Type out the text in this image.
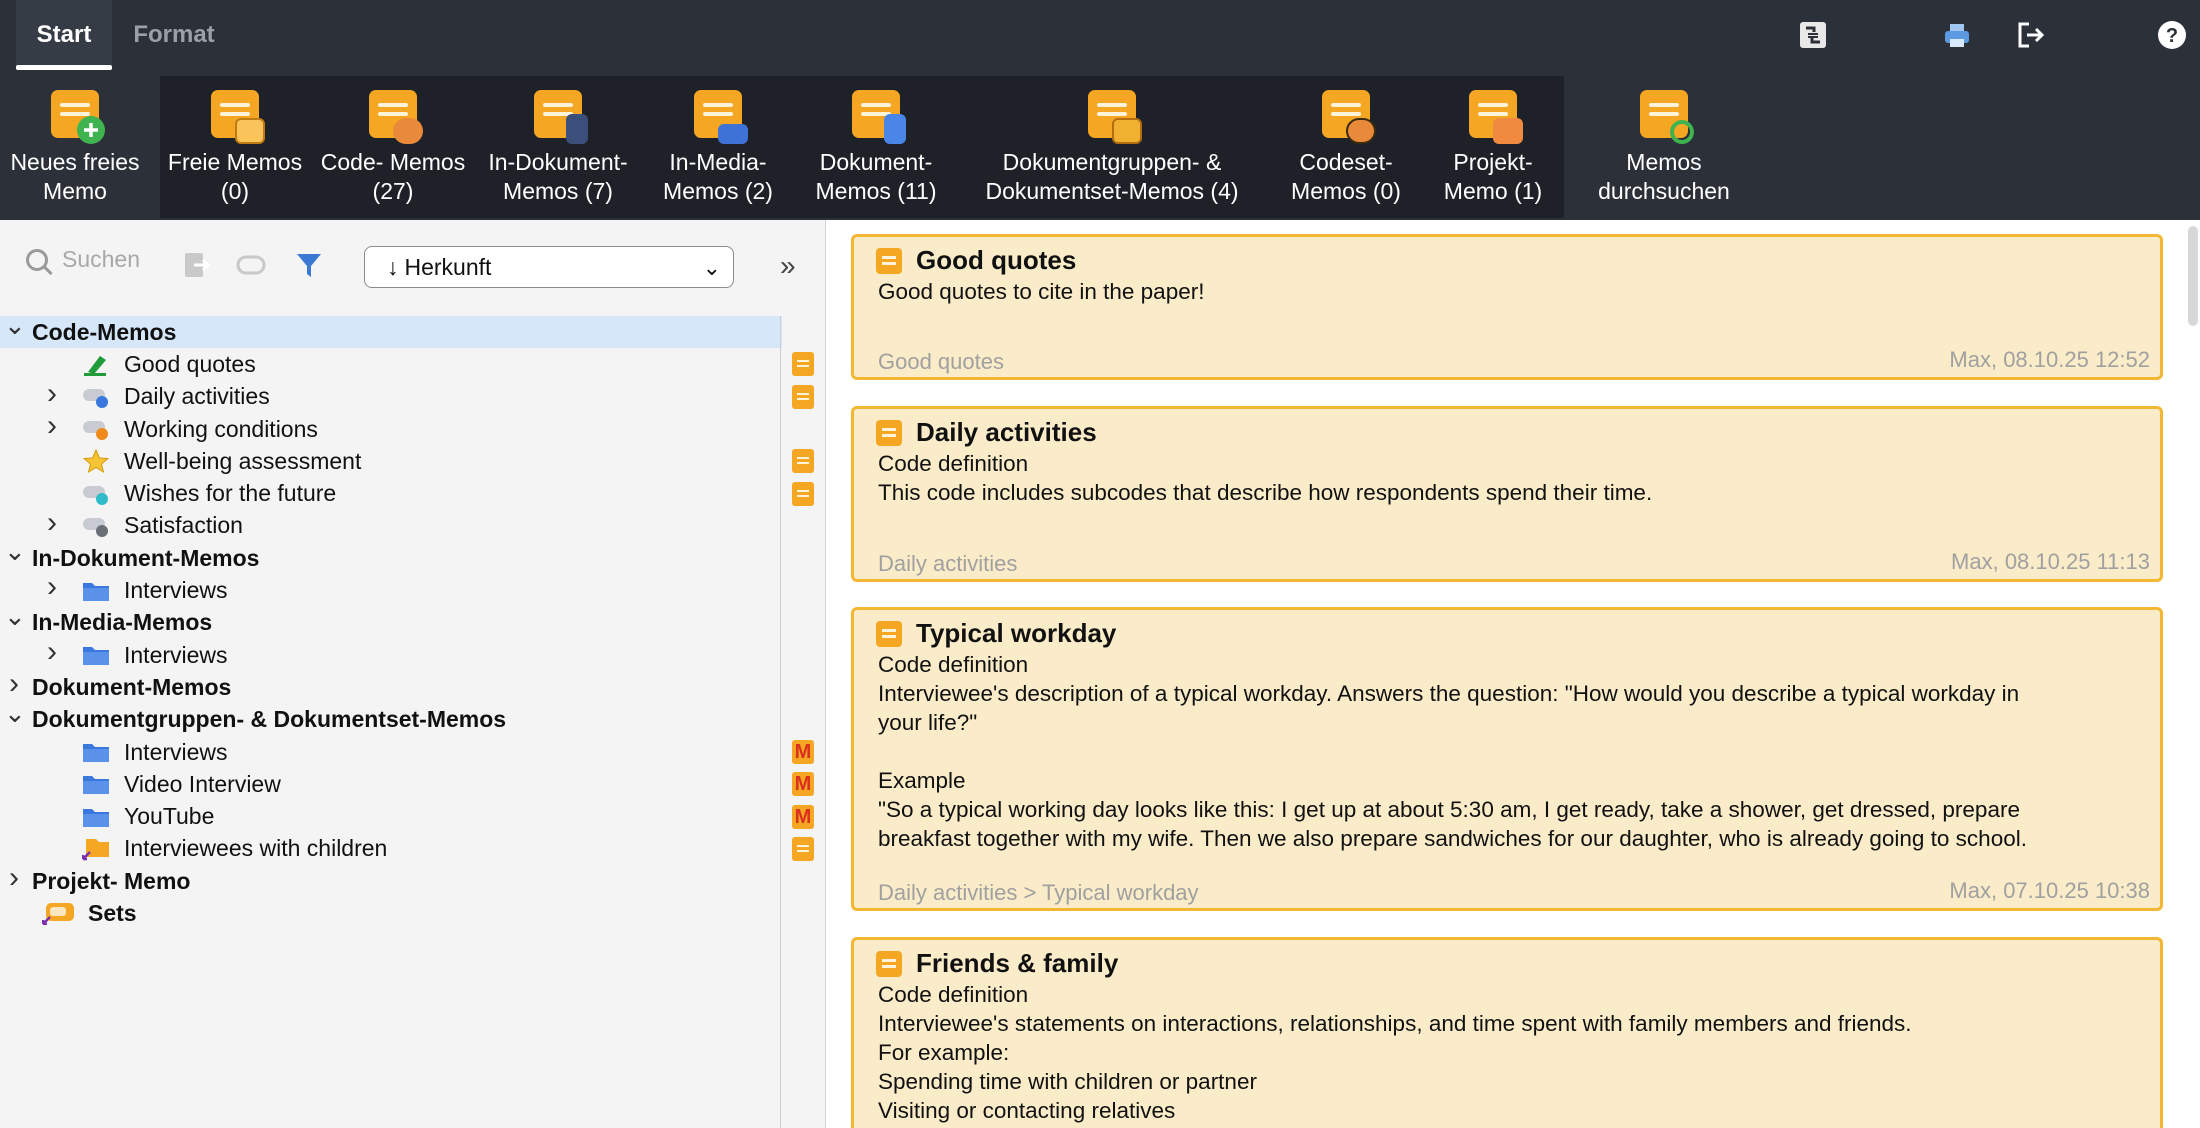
Start	Format	?
Neues freies
Memo
Freie Memos
(0)
Code- Memos
(27)
In-Dokument-
Memos (7)
In-Media-
Memos (2)
Dokument-
Memos (11)
Dokumentgruppen- &
Dokumentset-Memos (4)
Codeset-
Memos (0)
Projekt-
Memo (1)
Memos
durchsuchen
Suchen	↓ Herkunft	⌄ »
⌄ Code-Memos
Good quotes
›	Daily activities
›	Working conditions
Well-being assessment
Wishes for the future
›	Satisfaction
⌄ In-Dokument-Memos
›	Interviews
⌄ In-Media-Memos
›	Interviews
› Dokument-Memos
⌄ Dokumentgruppen- & Dokumentset-Memos
Interviews	M
Video Interview	M
YouTube	M
Interviewees with children
› Projekt- Memo
Sets
Good quotes
Good quotes to cite in the paper!
Good quotes	Max, 08.10.25 12:52
Daily activities
Code definition
This code includes subcodes that describe how respondents spend their time.
Daily activities	Max, 08.10.25 11:13
Typical workday
Code definition
Interviewee's description of a typical workday. Answers the question: "How would you describe a typical workday in
your life?"
Example
"So a typical working day looks like this: I get up at about 5:30 am, I get ready, take a shower, get dressed, prepare
breakfast together with my wife. Then we also prepare sandwiches for our daughter, who is already going to school.
Daily activities > Typical workday	Max, 07.10.25 10:38
Friends & family
Code definition
Interviewee's statements on interactions, relationships, and time spent with family members and friends.
For example:
Spending time with children or partner
Visiting or contacting relatives
